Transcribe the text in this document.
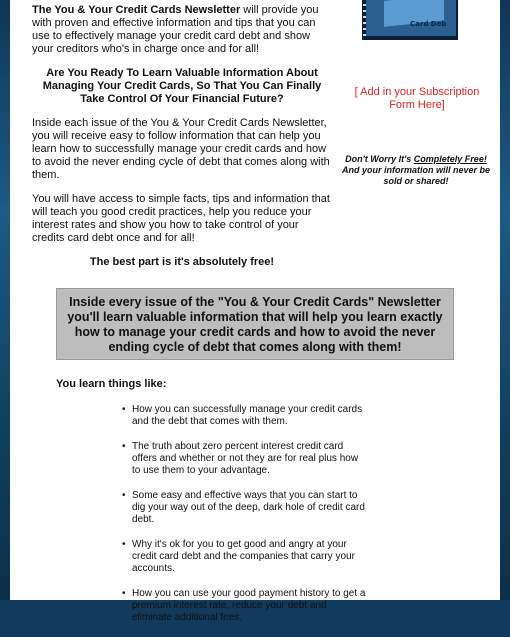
The You & Your Credit Cards Newsletter will provide you with proven and effective information and tips that you can use to effectively manage your credit card debt and show your creditors who's in charge once and for all!

Are You Ready To Learn Valuable Information About Managing Your Credit Cards, So That You Can Finally Take Control Of Your Financial Future?

Inside each issue of the You & Your Credit Cards Newsletter, you will receive easy to follow information that can help you learn how to successfully manage your credit cards and how to avoid the never ending cycle of debt that comes along with them.

You will have access to simple facts, tips and information that will teach you good credit practices, help you reduce your interest rates and show you how to take control of your credits card debt once and for all!

The best part is it's absolutely free!

Card Deb
[ Add in your Subscription Form Here]
Don't Worry It's Completely Free!
And your information will never be sold or shared!
Inside every issue of the "You & Your Credit Cards" Newsletter you'll learn valuable information that will help you learn exactly how to manage your credit cards and how to avoid the never ending cycle of debt that comes along with them!
You learn things like:
• How you can successfully manage your credit cards and the debt that comes with them.
• The truth about zero percent interest credit card offers and whether or not they are for real plus how to use them to your advantage.
• Some easy and effective ways that you can start to dig your way out of the deep, dark hole of credit card debt.
• Why it's ok for you to get good and angry at your credit card debt and the companies that carry your accounts.
• How you can use your good payment history to get a premium interest rate, reduce your debt and eliminate additional fees.
